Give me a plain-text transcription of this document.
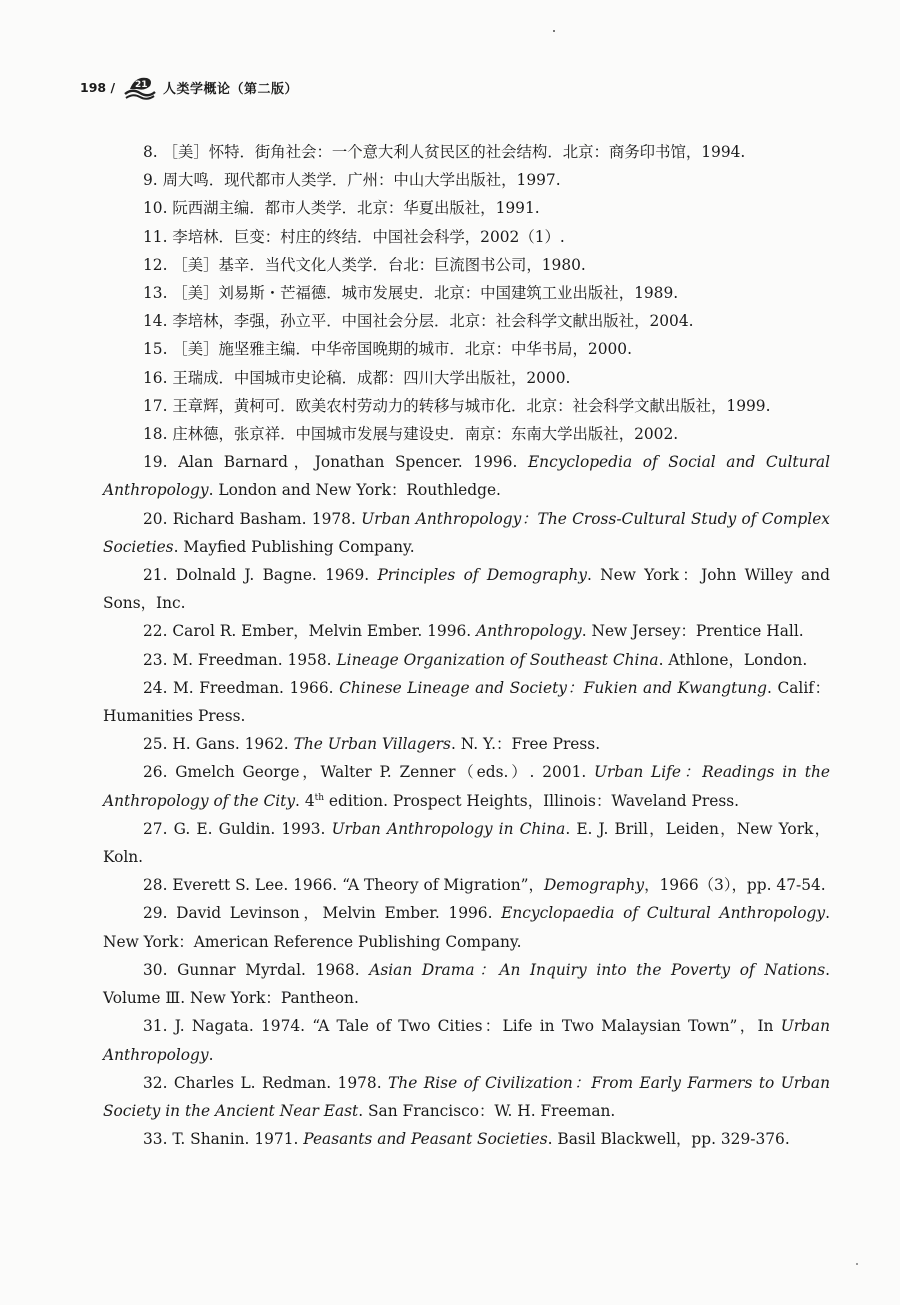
198 / 21 人类学概论（第二版）

8. ［美］怀特．街角社会：一个意大利人贫民区的社会结构．北京：商务印书馆，1994.

9. 周大鸣．现代都市人类学．广州：中山大学出版社，1997.

10. 阮西湖主编．都市人类学．北京：华夏出版社，1991.

11. 李培林．巨变：村庄的终结．中国社会科学，2002（1）.

12. ［美］基辛．当代文化人类学．台北：巨流图书公司，1980.

13. ［美］刘易斯・芒福德．城市发展史．北京：中国建筑工业出版社，1989.

14. 李培林，李强，孙立平．中国社会分层．北京：社会科学文献出版社，2004.

15. ［美］施坚雅主编．中华帝国晚期的城市．北京：中华书局，2000.

16. 王瑞成．中国城市史论稿．成都：四川大学出版社，2000.

17. 王章辉，黄柯可．欧美农村劳动力的转移与城市化．北京：社会科学文献出版社，1999.

18. 庄林德，张京祥．中国城市发展与建设史．南京：东南大学出版社，2002.

19. Alan Barnard，Jonathan Spencer. 1996. Encyclopedia of Social and Cultural Anthropology. London and New York：Routhledge.

20. Richard Basham. 1978. Urban Anthropology：The Cross-Cultural Study of Complex Societies. Mayfied Publishing Company.

21. Dolnald J. Bagne. 1969. Principles of Demography. New York：John Willey and Sons，Inc.

22. Carol R. Ember，Melvin Ember. 1996. Anthropology. New Jersey：Prentice Hall.

23. M. Freedman. 1958. Lineage Organization of Southeast China. Athlone，London.

24. M. Freedman. 1966. Chinese Lineage and Society：Fukien and Kwangtung. Calif：Humanities Press.

25. H. Gans. 1962. The Urban Villagers. N. Y.：Free Press.

26. Gmelch George，Walter P. Zenner（eds.）. 2001. Urban Life：Readings in the Anthropology of the City. 4th edition. Prospect Heights，Illinois：Waveland Press.

27. G. E. Guldin. 1993. Urban Anthropology in China. E. J. Brill，Leiden，New York，Koln.

28. Everett S. Lee. 1966. “A Theory of Migration”，Demography，1966（3），pp. 47-54.

29. David Levinson，Melvin Ember. 1996. Encyclopaedia of Cultural Anthropology. New York：American Reference Publishing Company.

30. Gunnar Myrdal. 1968. Asian Drama：An Inquiry into the Poverty of Nations. Volume Ⅲ. New York：Pantheon.

31. J. Nagata. 1974. “A Tale of Two Cities：Life in Two Malaysian Town”，In Urban Anthropology.

32. Charles L. Redman. 1978. The Rise of Civilization：From Early Farmers to Urban Society in the Ancient Near East. San Francisco：W. H. Freeman.

33. T. Shanin. 1971. Peasants and Peasant Societies. Basil Blackwell，pp. 329-376.
